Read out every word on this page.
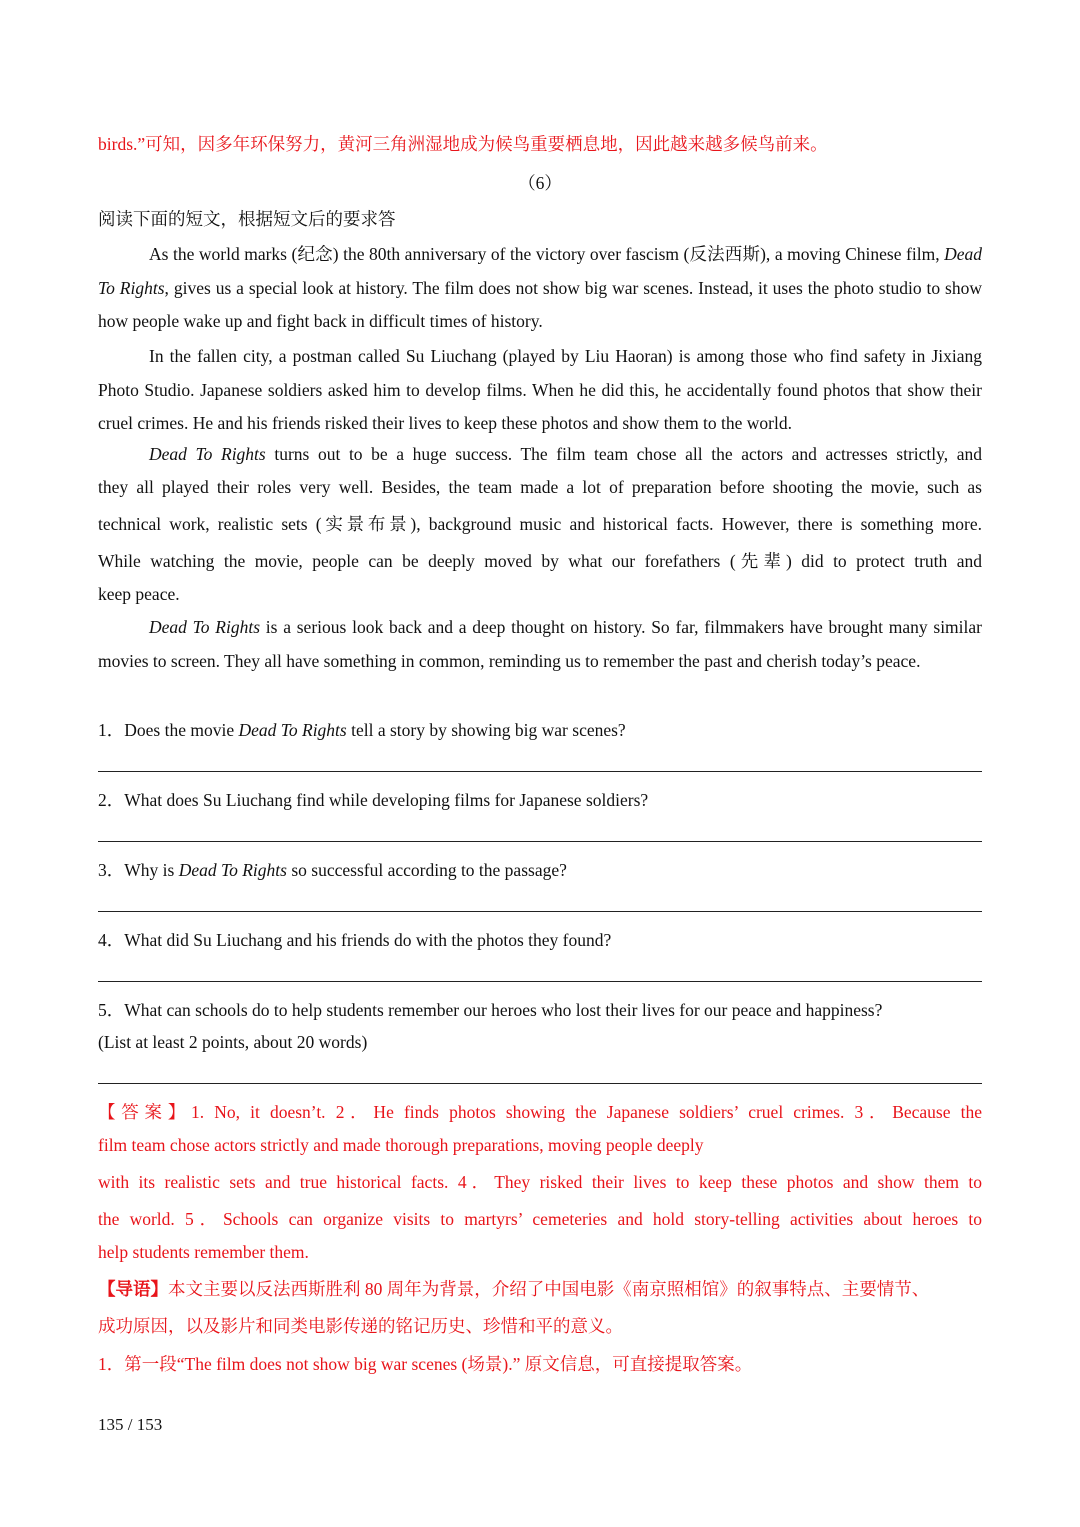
birds.”可知，因多年环保努力，黄河三角洲湿地成为候鸟重要栖息地，因此越来越多候鸟前来。
（6）
阅读下面的短文，根据短文后的要求答

As the world marks (纪念) the 80th anniversary of the victory over fascism (反法西斯), a moving Chinese film, Dead To Rights, gives us a special look at history. The film does not show big war scenes. Instead, it uses the photo studio to show how people wake up and fight back in difficult times of history.

In the fallen city, a postman called Su Liuchang (played by Liu Haoran) is among those who find safety in Jixiang Photo Studio. Japanese soldiers asked him to develop films. When he did this, he accidentally found photos that show their cruel crimes. He and his friends risked their lives to keep these photos and show them to the world.

Dead To Rights turns out to be a huge success. The film team chose all the actors and actresses strictly, and
they all played their roles very well. Besides, the team made a lot of preparation before shooting the movie, such as
technical work, realistic sets (实景布景), background music and historical facts. However, there is something more.
While watching the movie, people can be deeply moved by what our forefathers (先辈) did to protect truth and
keep peace.

Dead To Rights is a serious look back and a deep thought on history. So far, filmmakers have brought many similar movies to screen. They all have something in common, reminding us to remember the past and cherish today’s peace.

1．Does the movie Dead To Rights tell a story by showing big war scenes?
2．What does Su Liuchang find while developing films for Japanese soldiers?
3．Why is Dead To Rights so successful according to the passage?
4．What did Su Liuchang and his friends do with the photos they found?
5．What can schools do to help students remember our heroes who lost their lives for our peace and happiness?
(List at least 2 points, about 20 words)
【答案】1. No, it doesn’t. 2．He finds photos showing the Japanese soldiers’ cruel crimes. 3．Because the
film team chose actors strictly and made thorough preparations, moving people deeply
with its realistic sets and true historical facts. 4．They risked their lives to keep these photos and show them to
the world. 5．Schools can organize visits to martyrs’ cemeteries and hold story-telling activities about heroes to
help students remember them.
【导语】本文主要以反法西斯胜利 80 周年为背景，介绍了中国电影《南京照相馆》的叙事特点、主要情节、
成功原因，以及影片和同类电影传递的铭记历史、珍惜和平的意义。
1．第一段“The film does not show big war scenes (场景).” 原文信息，可直接提取答案。
135 / 153
